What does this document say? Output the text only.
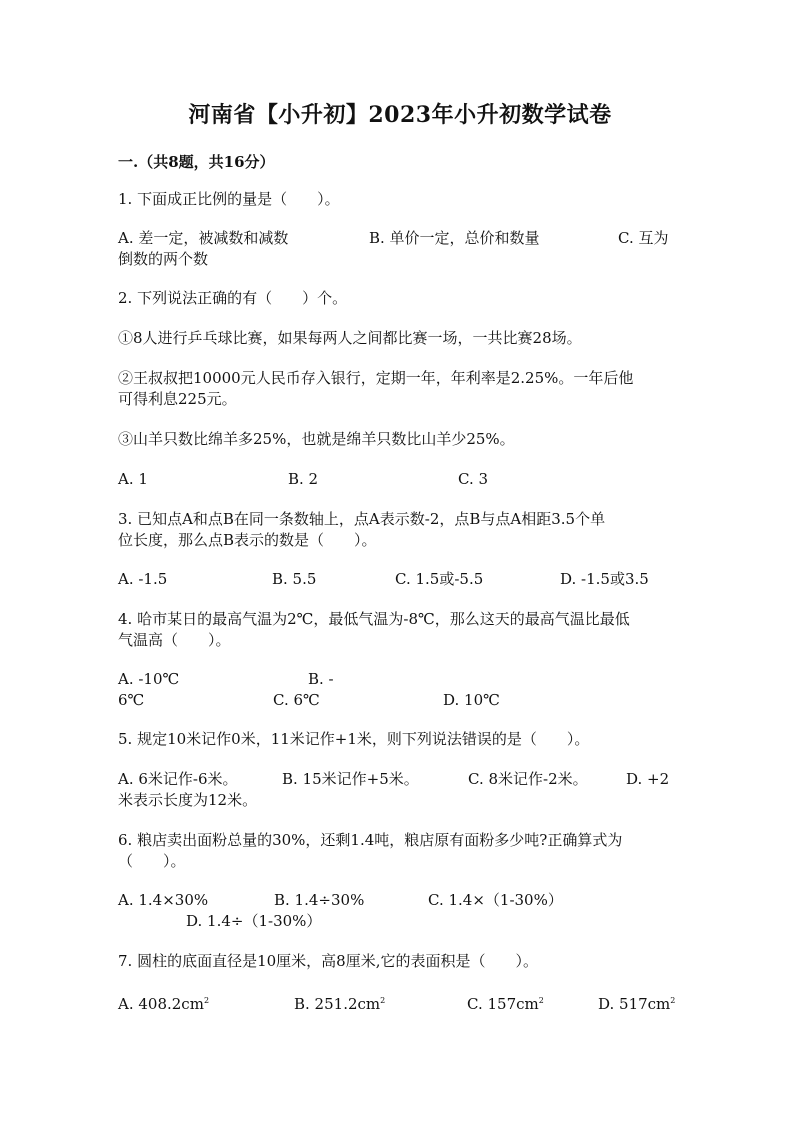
河南省【小升初】2023年小升初数学试卷
一.（共8题，共16分）
1. 下面成正比例的量是（　　）。
A. 差一定，被减数和减数	B. 单价一定，总价和数量	C. 互为
倒数的两个数
2. 下列说法正确的有（　　）个。
①8人进行乒乓球比赛，如果每两人之间都比赛一场，一共比赛28场。
②王叔叔把10000元人民币存入银行，定期一年，年利率是2.25%。一年后他
可得利息225元。
③山羊只数比绵羊多25%，也就是绵羊只数比山羊少25%。
A. 1	B. 2	C. 3
3. 已知点A和点B在同一条数轴上，点A表示数-2，点B与点A相距3.5个单
位长度，那么点B表示的数是（　　）。
A. -1.5	B. 5.5	C. 1.5或-5.5	D. -1.5或3.5
4. 哈市某日的最高气温为2℃，最低气温为-8℃，那么这天的最高气温比最低
气温高（　　）。
A. -10℃	B. -
6℃	C. 6℃	D. 10℃
5. 规定10米记作0米，11米记作+1米，则下列说法错误的是（　　）。
A. 6米记作-6米。	B. 15米记作+5米。	C. 8米记作-2米。	D. +2
米表示长度为12米。
6. 粮店卖出面粉总量的30%，还剩1.4吨，粮店原有面粉多少吨?正确算式为
（　　）。
A. 1.4×30%	B. 1.4÷30%	C. 1.4×（1-30%）
D. 1.4÷（1-30%）
7. 圆柱的底面直径是10厘米，高8厘米,它的表面积是（　　）。
A. $408.2cm^2$	B. $251.2cm^2$	C. $157cm^2$	D. $517cm^2$
